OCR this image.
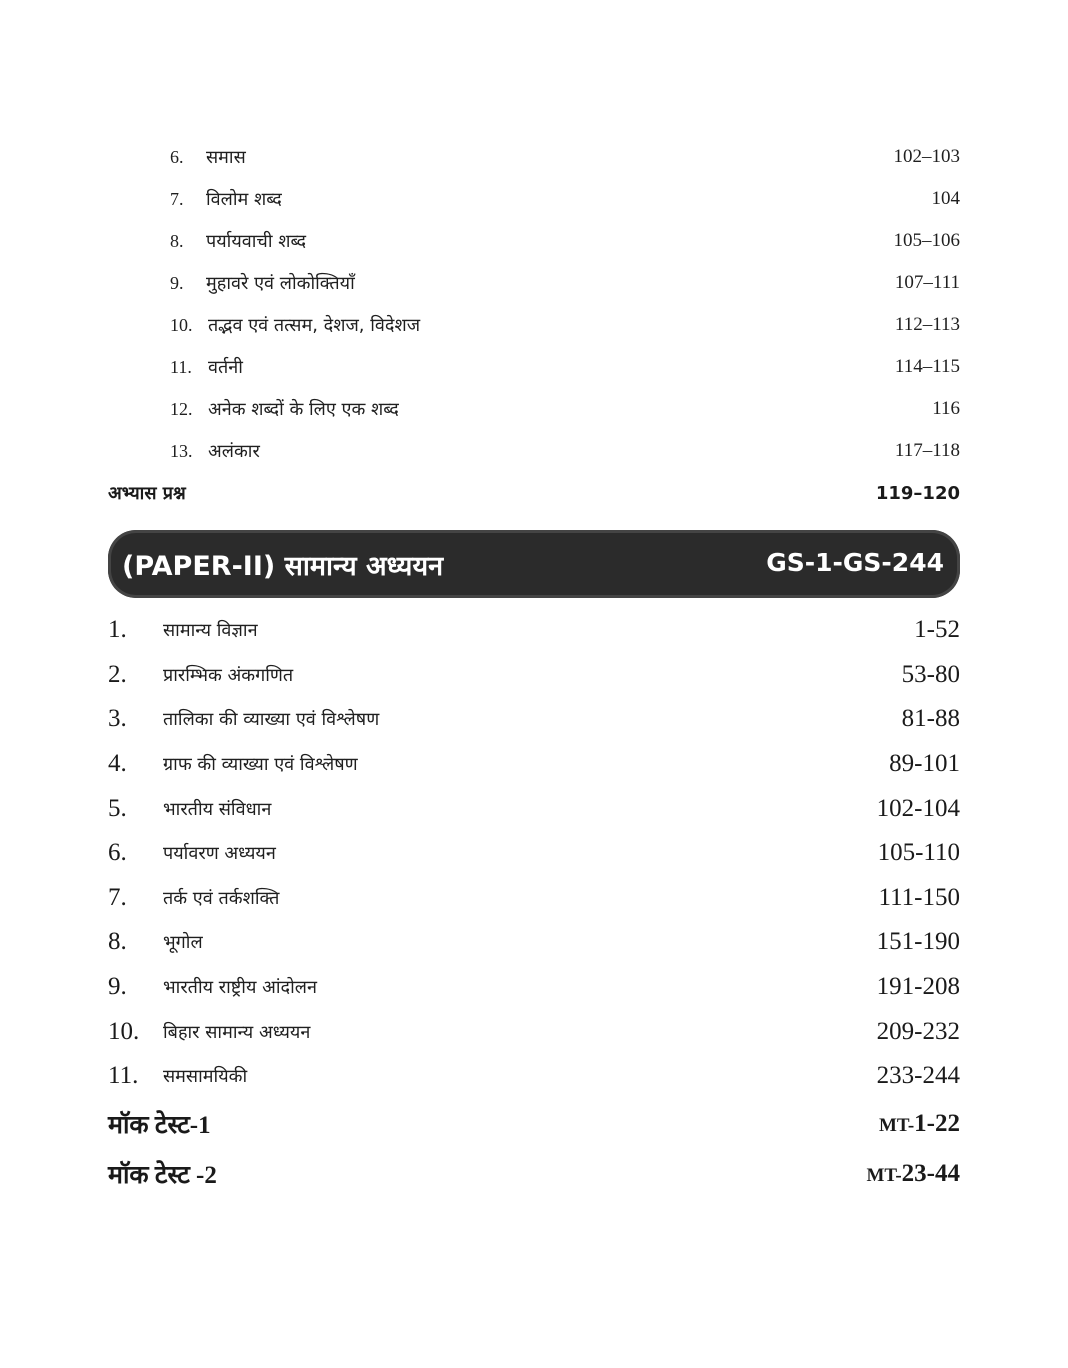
6.	समास	102–103
7.	विलोम शब्द	104
8.	पर्यायवाची शब्द	105–106
9.	मुहावरे एवं लोकोक्तियाँ	107–111
10. तद्भव एवं तत्सम, देशज, विदेशज	112–113
11. वर्तनी	114–115
12. अनेक शब्दों के लिए एक शब्द	116
13. अलंकार	117–118
अभ्यास प्रश्न	119–120
(PAPER-II) सामान्य अध्ययन	GS-1-GS-244
1.	सामान्य विज्ञान	1-52
2.	प्रारम्भिक अंकगणित	53-80
3.	तालिका की व्याख्या एवं विश्लेषण	81-88
4.	ग्राफ की व्याख्या एवं विश्लेषण	89-101
5.	भारतीय संविधान	102-104
6.	पर्यावरण अध्ययन	105-110
7.	तर्क एवं तर्कशक्ति	111-150
8.	भूगोल	151-190
9.	भारतीय राष्ट्रीय आंदोलन	191-208
10.	बिहार सामान्य अध्ययन	209-232
11.	समसामयिकी	233-244
मॉक टेस्ट-1	MT-1-22
मॉक टेस्ट -2	MT-23-44
